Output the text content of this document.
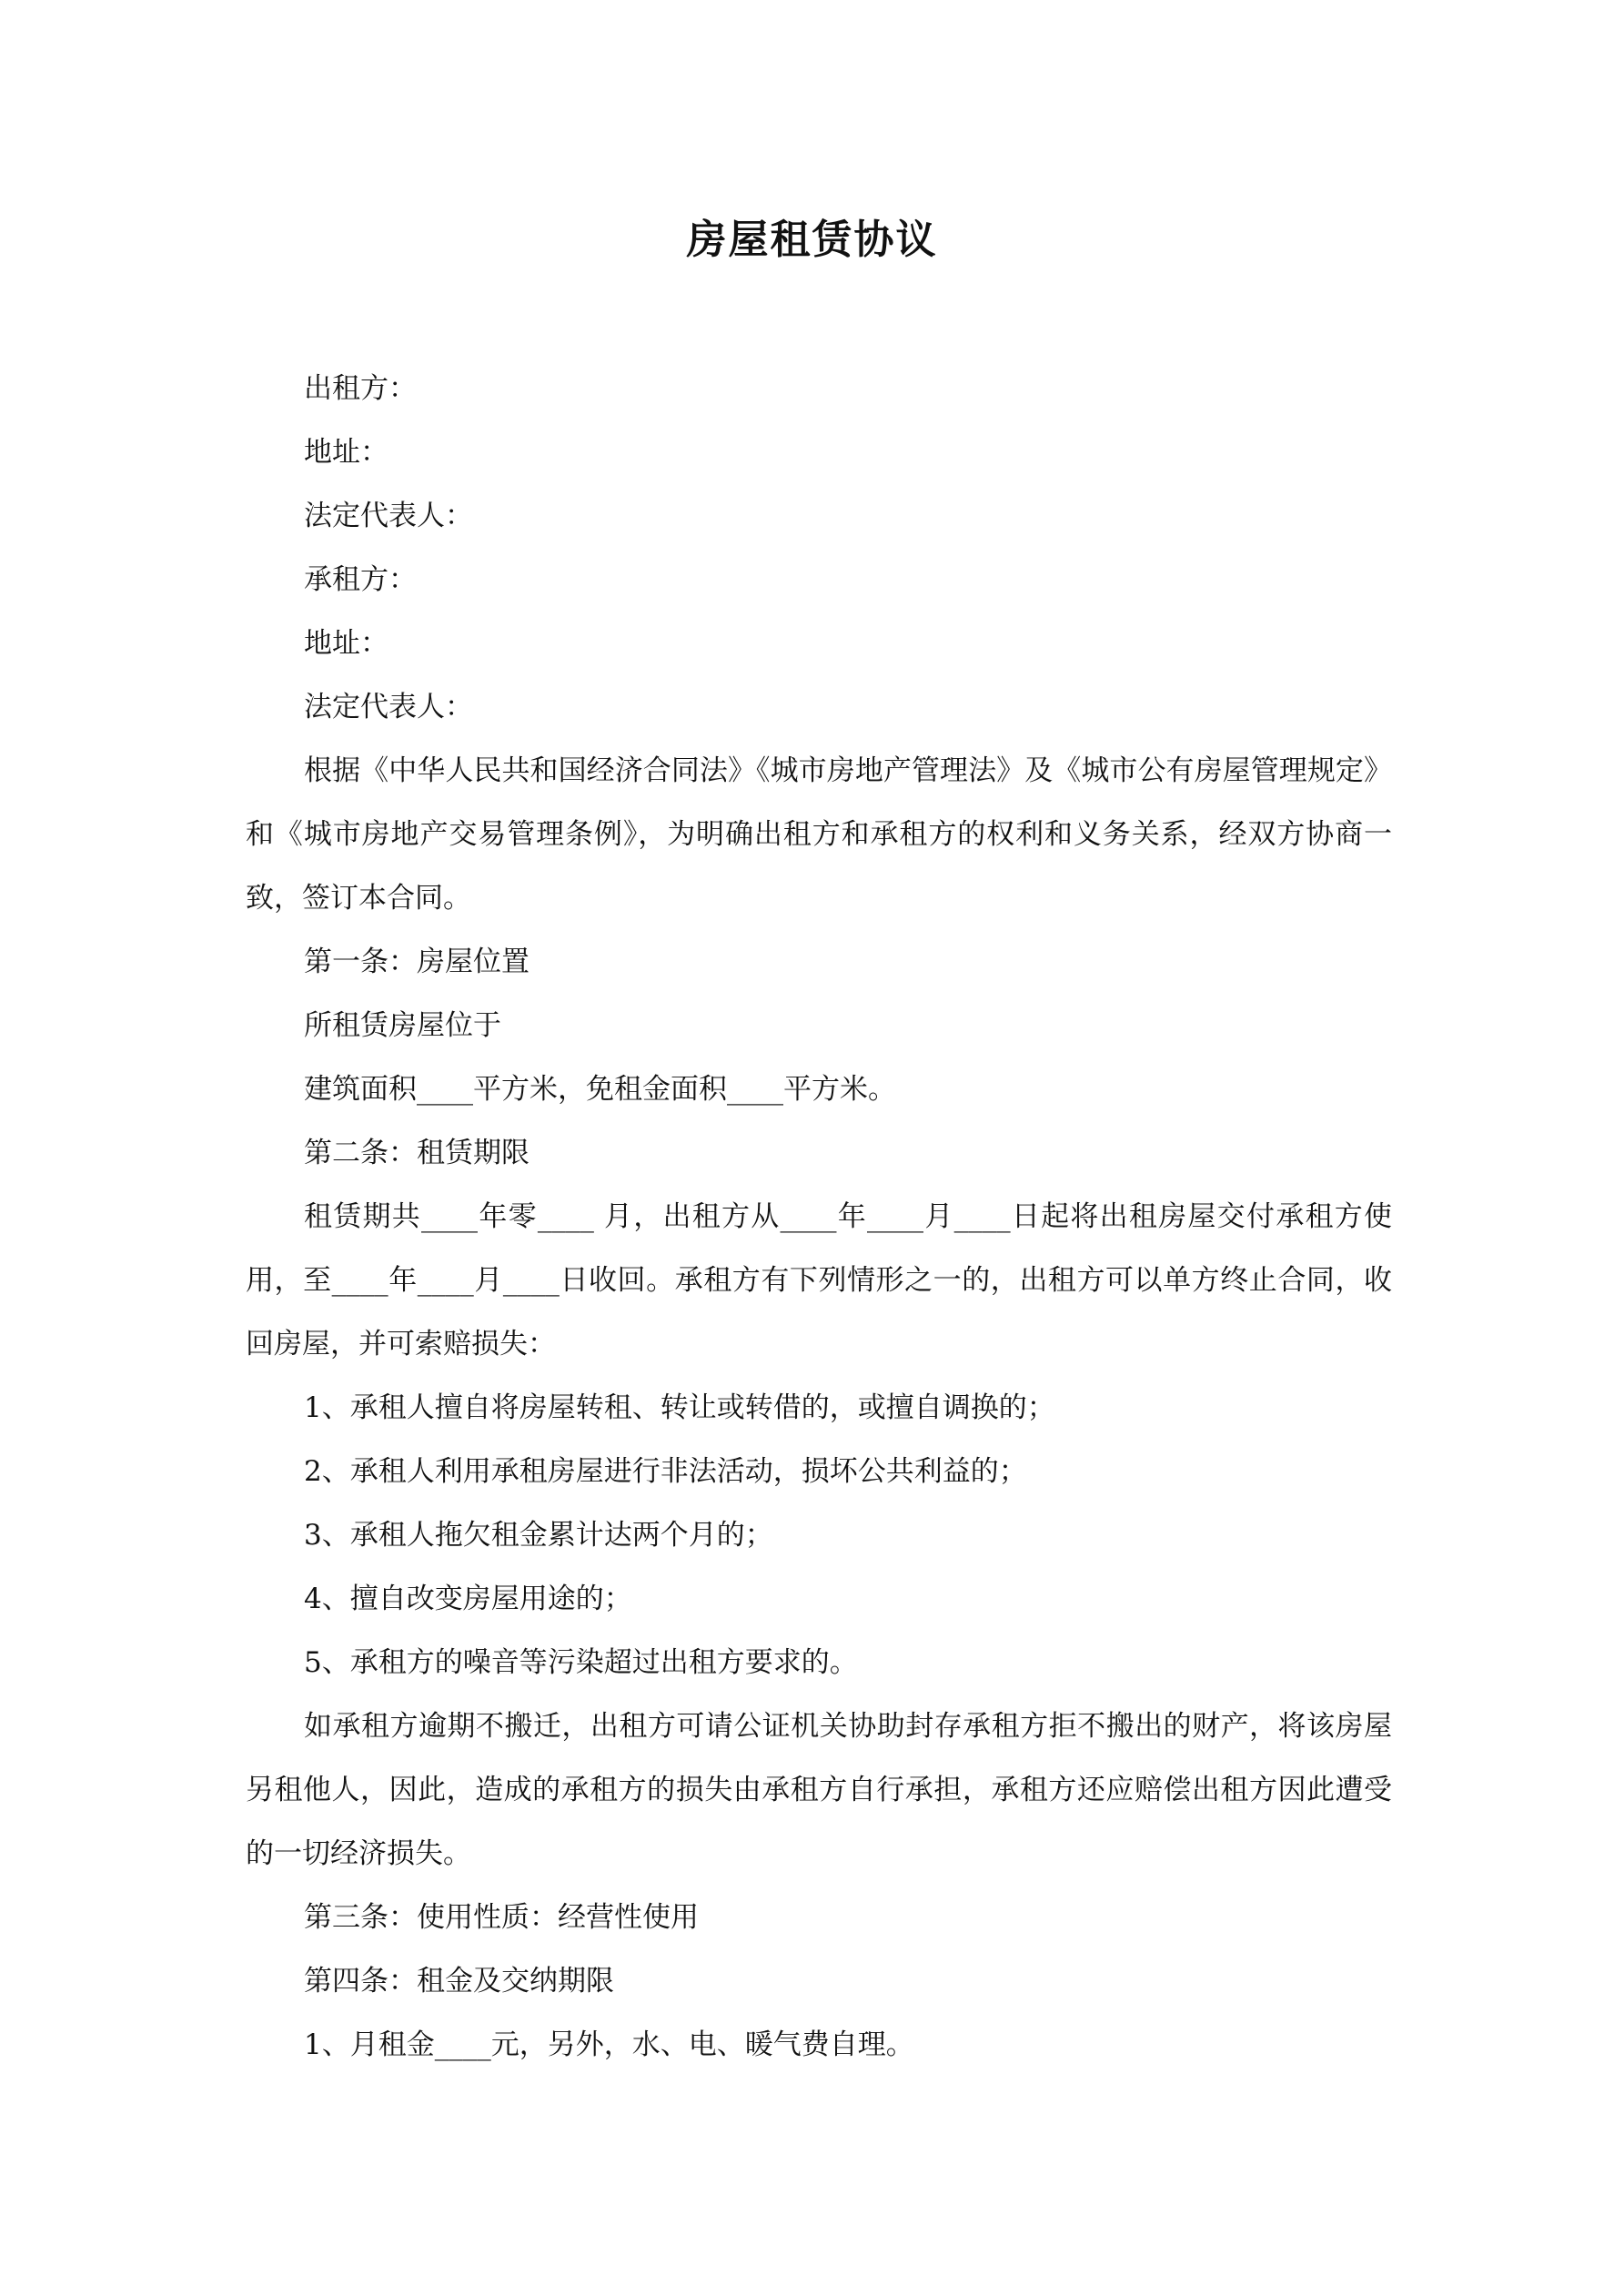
房屋租赁协议

出租方：

地址：

法定代表人：

承租方：

地址：

法定代表人：

根据《中华人民共和国经济合同法》《城市房地产管理法》及《城市公有房屋管理规定》和《城市房地产交易管理条例》，为明确出租方和承租方的权利和义务关系，经双方协商一致，签订本合同。

第一条：房屋位置

所租赁房屋位于

建筑面积____平方米，免租金面积____平方米。

第二条：租赁期限

租赁期共____年零____ 月，出租方从____年____月____日起将出租房屋交付承租方使用，至____年____月____日收回。承租方有下列情形之一的，出租方可以单方终止合同，收回房屋，并可索赔损失：

1、承租人擅自将房屋转租、转让或转借的，或擅自调换的；

2、承租人利用承租房屋进行非法活动，损坏公共利益的；

3、承租人拖欠租金累计达两个月的；

4、擅自改变房屋用途的；

5、承租方的噪音等污染超过出租方要求的。

如承租方逾期不搬迁，出租方可请公证机关协助封存承租方拒不搬出的财产，将该房屋另租他人，因此，造成的承租方的损失由承租方自行承担，承租方还应赔偿出租方因此遭受的一切经济损失。

第三条：使用性质：经营性使用

第四条：租金及交纳期限

1、月租金____元，另外，水、电、暖气费自理。
